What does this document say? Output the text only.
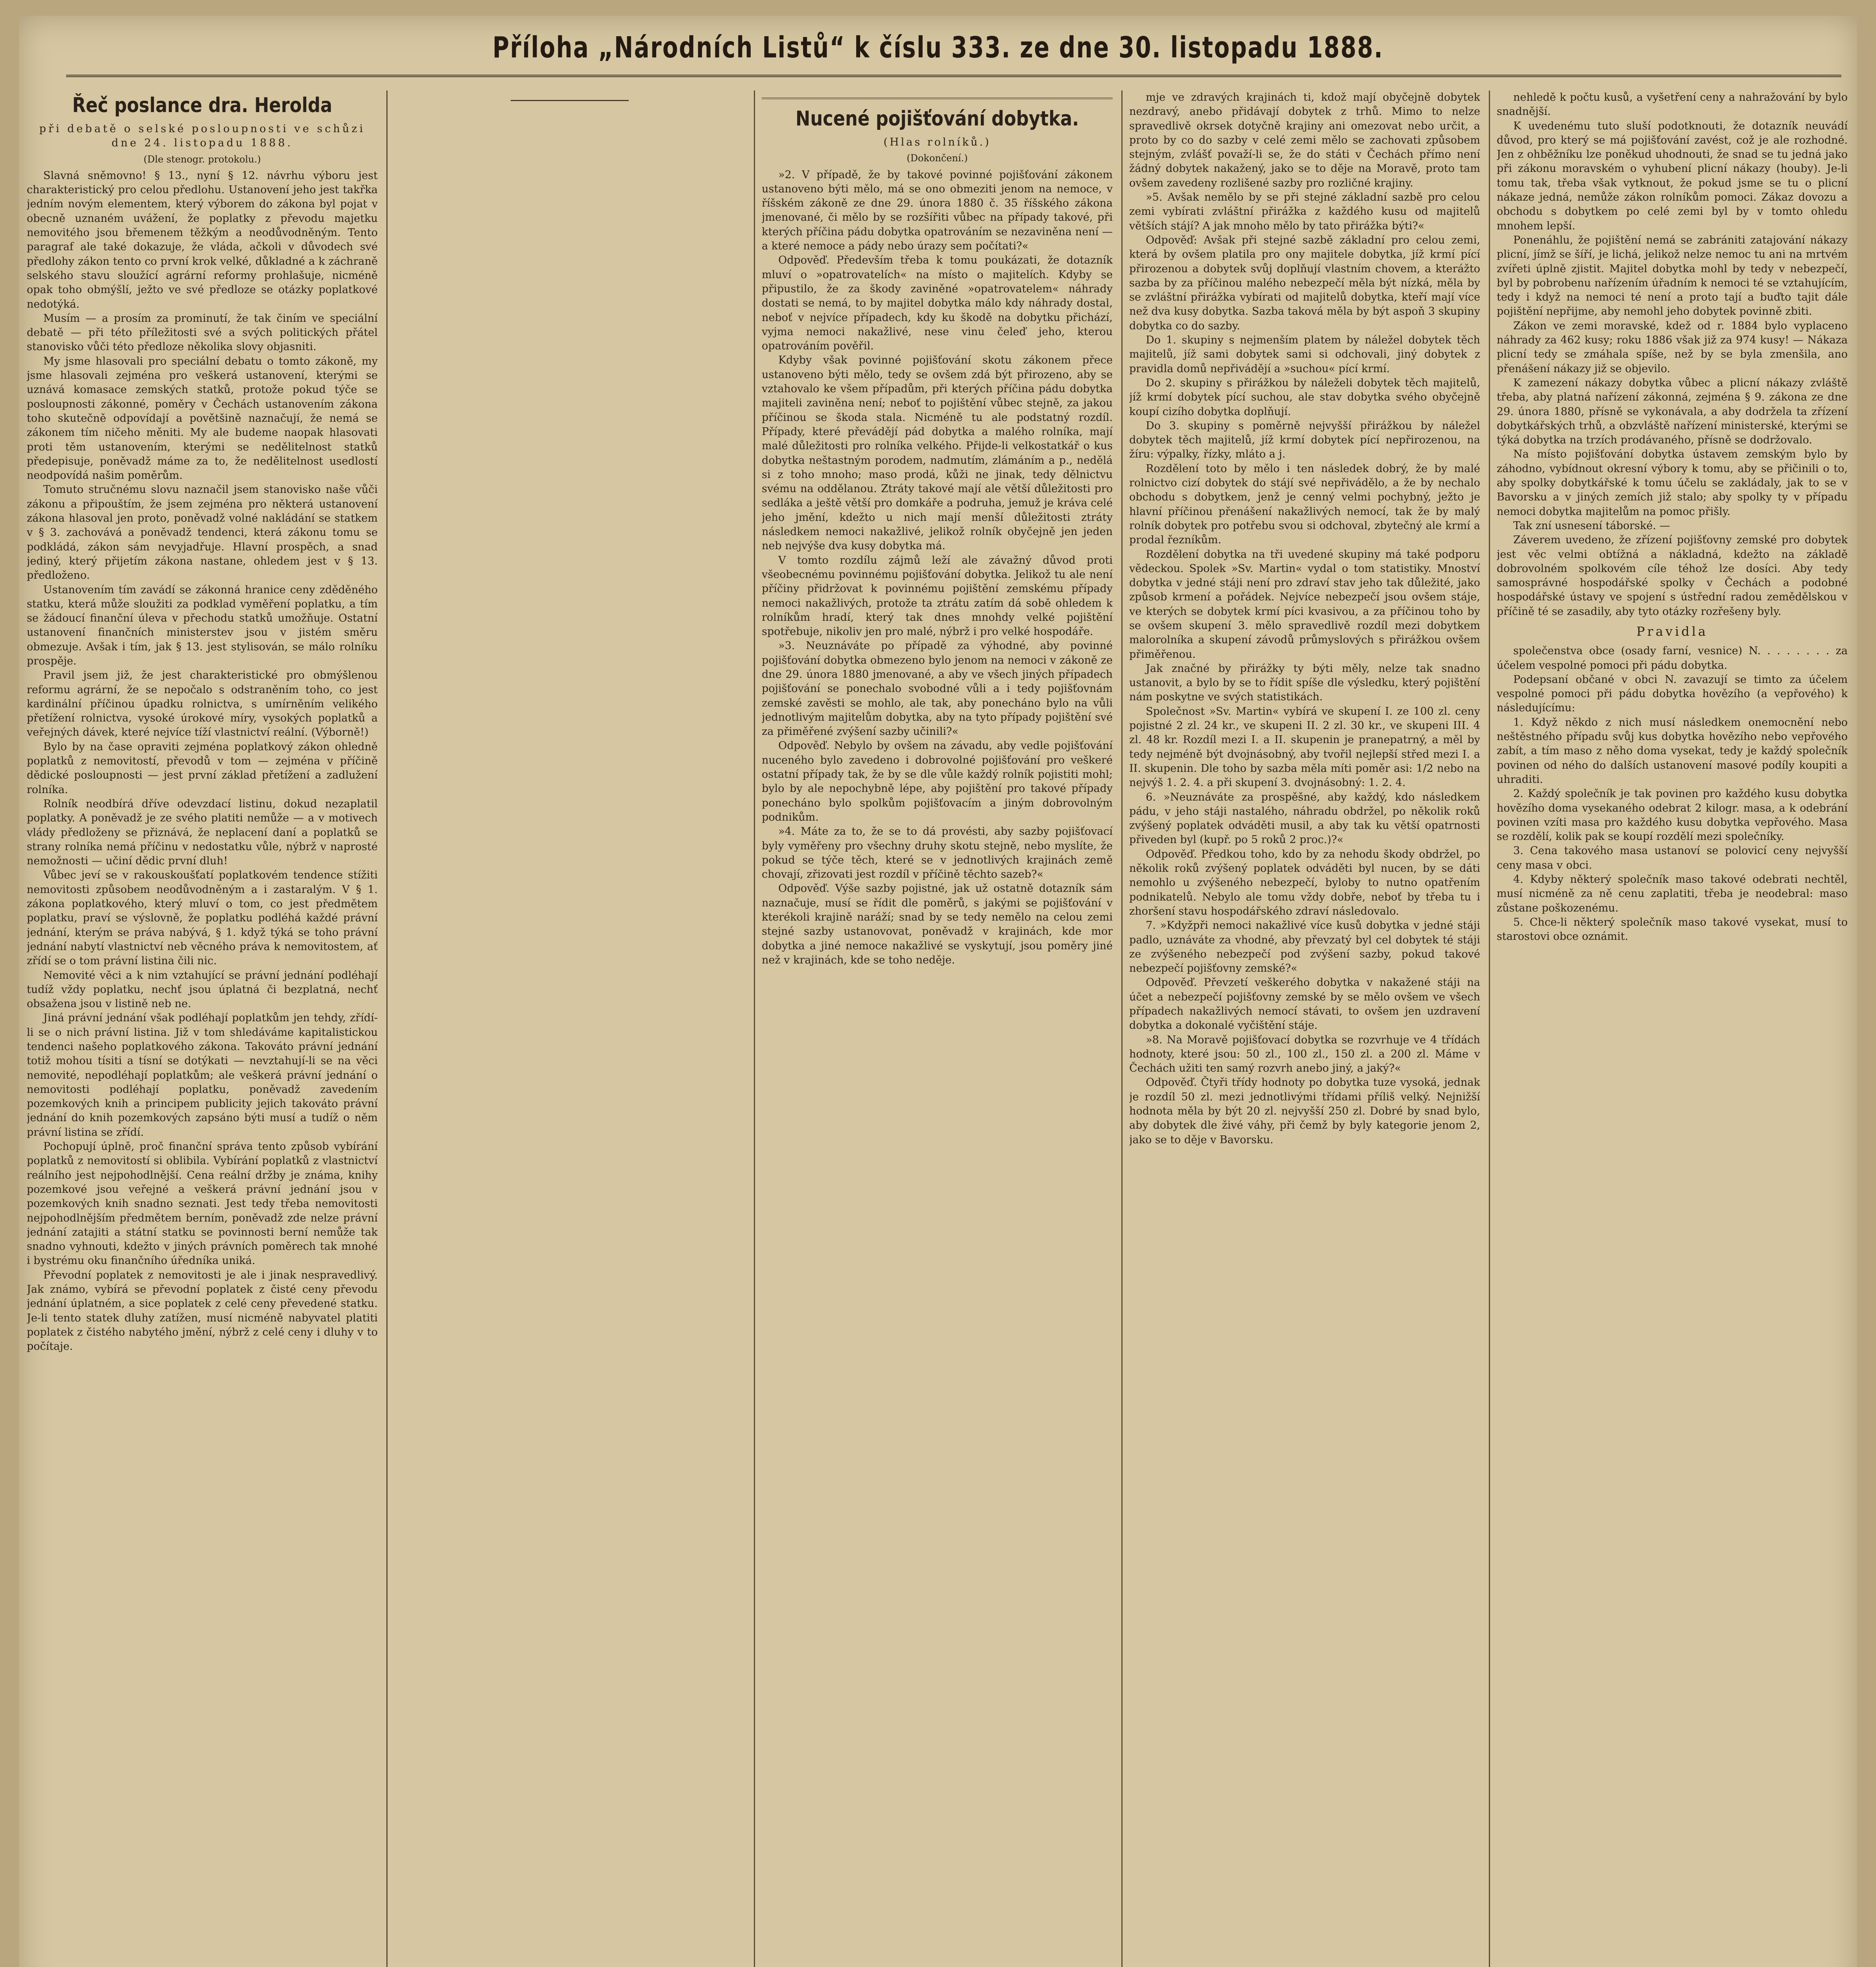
Příloha „Národních Listů“ k číslu 333. ze dne 30. listopadu 1888.
Řeč poslance dra. Herolda

při debatě o selské posloupnosti ve schůzi dne 24. listopadu 1888.

(Dle stenogr. protokolu.)

Slavná sněmovno! § 13., nyní § 12. návrhu výboru jest charakteristický pro celou předlohu. Ustanovení jeho jest takřka jedním novým elementem, který výborem do zákona byl pojat v obecně uznaném uvážení, že poplatky z převodu majetku nemovitého jsou břemenem těžkým a neodůvodněným. Tento paragraf ale také dokazuje, že vláda, ačkoli v důvodech své předlohy zákon tento co první krok velké, důkladné a k záchraně selského stavu sloužící agrární reformy prohlašuje, nicméně opak toho obmýšlí, ježto ve své předloze se otázky poplatkové nedotýká.

Musím — a prosím za prominutí, že tak činím ve speciální debatě — při této příležitosti své a svých politických přátel stanovisko vůči této předloze několika slovy objasniti.

My jsme hlasovali pro speciální debatu o tomto zákoně, my jsme hlasovali zejména pro veškerá ustanovení, kterými se uznává komasace zemských statků, protože pokud týče se posloupnosti zákonné, poměry v Čechách ustanovením zákona toho skutečně odpovídají a povětšině naznačují, že nemá se zákonem tím ničeho měniti. My ale budeme naopak hlasovati proti těm ustanovením, kterými se nedělitelnost statků předepisuje, poněvadž máme za to, že nedělitelnost usedlostí neodpovídá našim poměrům.

Tomuto stručnému slovu naznačil jsem stanovisko naše vůči zákonu a připouštím, že jsem zejména pro některá ustanovení zákona hlasoval jen proto, poněvadž volné nakládání se statkem v § 3. zachovává a poněvadž tendenci, která zákonu tomu se podkládá, zákon sám nevyjadřuje. Hlavní prospěch, a snad jediný, který přijetím zákona nastane, ohledem jest v § 13. předloženo.

Ustanovením tím zavádí se zákonná hranice ceny zděděného statku, která může sloužiti za podklad vyměření poplatku, a tím se žádoucí finanční úleva v přechodu statků umožňuje. Ostatní ustanovení finančních ministerstev jsou v jistém směru obmezuje. Avšak i tím, jak § 13. jest stylisován, se málo rolníku prospěje.

Pravil jsem již, že jest charakteristické pro obmýšlenou reformu agrární, že se nepočalo s odstraněním toho, co jest kardinální příčinou úpadku rolnictva, s umírněním velikého přetížení rolnictva, vysoké úrokové míry, vysokých poplatků a veřejných dávek, které nejvíce tíží vlastnictví reální. (Výborně!)

Bylo by na čase opraviti zejména poplatkový zákon ohledně poplatků z nemovitostí, převodů v tom — zejména v příčině dědické posloupnosti — jest první základ přetížení a zadlužení rolníka.

Rolník neodbírá dříve odevzdací listinu, dokud nezaplatil poplatky. A poněvadž je ze svého platiti nemůže — a v motivech vlády předloženy se přiznává, že neplacení daní a poplatků se strany rolníka nemá příčinu v nedostatku vůle, nýbrž v naprosté nemožnosti — učiní dědic první dluh!

Vůbec jeví se v rakouskoušťatí poplatkovém tendence stížiti nemovitosti způsobem neodůvodněným a i zastaralým. V § 1. zákona poplatkového, který mluví o tom, co jest předmětem poplatku, praví se výslovně, že poplatku podléhá každé právní jednání, kterým se práva nabývá, § 1. když týká se toho právní jednání nabytí vlastnictví neb věcného práva k nemovitostem, ať zřídí se o tom právní listina čili nic.

Nemovité věci a k nim vztahující se právní jednání podléhají tudíž vždy poplatku, nechť jsou úplatná či bezplatná, nechť obsažena jsou v listině neb ne.

Jiná právní jednání však podléhají poplatkům jen tehdy, zřídí-li se o nich právní listina. Již v tom shledáváme kapitalistickou tendenci našeho poplatkového zákona. Takováto právní jednání totiž mohou tísiti a tísní se dotýkati — nevztahují-li se na věci nemovité, nepodléhají poplatkům; ale veškerá právní jednání o nemovitosti podléhají poplatku, poněvadž zavedením pozemkových knih a principem publicity jejich takováto právní jednání do knih pozemkových zapsáno býti musí a tudíž o něm právní listina se zřídí.

Pochopují úplně, proč finanční správa tento způsob vybírání poplatků z nemovitostí si oblibila. Vybírání poplatků z vlastnictví reálního jest nejpohodlnější. Cena reální držby je známa, knihy pozemkové jsou veřejné a veškerá právní jednání jsou v pozemkových knih snadno seznati. Jest tedy třeba nemovitosti nejpohodlnějším předmětem berním, poněvadž zde nelze právní jednání zatajiti a státní statku se povinnosti berní nemůže tak snadno vyhnouti, kdežto v jiných právních poměrech tak mnohé i bystrému oku finančního úředníka uniká.

Převodní poplatek z nemovitosti je ale i jinak nespravedlivý. Jak známo, vybírá se převodní poplatek z čisté ceny převodu jednání úplatném, a sice poplatek z celé ceny převedené statku. Je-li tento statek dluhy zatížen, musí nicméně nabyvatel platiti poplatek z čistého nabytého jmění, nýbrž z celé ceny i dluhy v to počítaje.

Nucené pojišťování dobytka.

(Hlas rolníků.)

(Dokončení.)

»2. V případě, že by takové povinné pojišťování zákonem ustanoveno býti mělo, má se ono obmeziti jenom na nemoce, v říšském zákoně ze dne 29. února 1880 č. 35 říšského zákona jmenované, či mělo by se rozšířiti vůbec na případy takové, při kterých příčina pádu dobytka opatrováním se nezaviněna není — a které nemoce a pády nebo úrazy sem počítati?«

Odpověď. Především třeba k tomu poukázati, že dotazník mluví o »opatrovatelích« na místo o majitelích. Kdyby se připustilo, že za škody zaviněné »opatrovatelem« náhrady dostati se nemá, to by majitel dobytka málo kdy náhrady dostal, neboť v nejvíce případech, kdy ku škodě na dobytku přichází, vyjma nemoci nakažlivé, nese vinu čeleď jeho, kterou opatrováním pověřil.

Kdyby však povinné pojišťování skotu zákonem přece ustanoveno býti mělo, tedy se ovšem zdá být přirozeno, aby se vztahovalo ke všem případům, při kterých příčina pádu dobytka majiteli zaviněna není; neboť to pojištění vůbec stejně, za jakou příčinou se škoda stala. Nicméně tu ale podstatný rozdíl. Případy, které převádějí pád dobytka a malého rolníka, mají malé důležitosti pro rolníka velkého. Přijde-li velkostatkář o kus dobytka neštastným porodem, nadmutím, zlámáním a p., nedělá si z toho mnoho; maso prodá, kůži ne jinak, tedy dělnictvu svému na oddělanou. Ztráty takové mají ale větší důležitosti pro sedláka a ještě větší pro domkáře a podruha, jemuž je kráva celé jeho jmění, kdežto u nich mají menší důležitosti ztráty následkem nemoci nakažlivé, jelikož rolník obyčejně jen jeden neb nejvýše dva kusy dobytka má.

V tomto rozdílu zájmů leží ale závažný důvod proti všeobecnému povinnému pojišťování dobytka. Jelikož tu ale není příčiny přidržovat k povinnému pojištění zemskému případy nemoci nakažlivých, protože ta ztrátu zatím dá sobě ohledem k rolníkům hradí, který tak dnes mnohdy velké pojištění spotřebuje, nikoliv jen pro malé, nýbrž i pro velké hospodáře.

»3. Neuznáváte po případě za výhodné, aby povinné pojišťování dobytka obmezeno bylo jenom na nemoci v zákoně ze dne 29. února 1880 jmenované, a aby ve všech jiných případech pojišťování se ponechalo svobodné vůli a i tedy pojišťovnám zemské zavěsti se mohlo, ale tak, aby ponecháno bylo na vůli jednotlivým majitelům dobytka, aby na tyto případy pojištění své za přiměřené zvýšení sazby učinili?«

Odpověď. Nebylo by ovšem na závadu, aby vedle pojišťování nuceného bylo zavedeno i dobrovolné pojišťování pro veškeré ostatní případy tak, že by se dle vůle každý rolník pojistiti mohl; bylo by ale nepochybně lépe, aby pojištění pro takové případy ponecháno bylo spolkům pojišťovacím a jiným dobrovolným podnikům.

»4. Máte za to, že se to dá provésti, aby sazby pojišťovací byly vyměřeny pro všechny druhy skotu stejně, nebo myslíte, že pokud se týče těch, které se v jednotlivých krajinách země chovají, zřizovati jest rozdíl v příčině těchto sazeb?«

Odpověď. Výše sazby pojistné, jak už ostatně dotazník sám naznačuje, musí se řídit dle poměrů, s jakými se pojišťování v kterékoli krajině naráží; snad by se tedy nemělo na celou zemi stejné sazby ustanovovat, poněvadž v krajinách, kde mor dobytka a jiné nemoce nakažlivé se vyskytují, jsou poměry jiné než v krajinách, kde se toho neděje.

mje ve zdravých krajinách ti, kdož mají obyčejně dobytek nezdravý, anebo přidávají dobytek z trhů. Mimo to nelze spravedlivě okrsek dotyčně krajiny ani omezovat nebo určit, a proto by co do sazby v celé zemi mělo se zachovati způsobem stejným, zvlášť považí-li se, že do státi v Čechách přímo není žádný dobytek nakažený, jako se to děje na Moravě, proto tam ovšem zavedeny rozlišené sazby pro rozličné krajiny.

»5. Avšak nemělo by se při stejné základní sazbě pro celou zemi vybírati zvláštní přirážka z každého kusu od majitelů větších stájí? A jak mnoho mělo by tato přirážka býti?«

Odpověď: Avšak při stejné sazbě základní pro celou zemi, která by ovšem platila pro ony majitele dobytka, jíž krmí pící přirozenou a dobytek svůj doplňují vlastním chovem, a kterážto sazba by za příčinou malého nebezpečí měla být nízká, měla by se zvláštní přirážka vybírati od majitelů dobytka, kteří mají více než dva kusy dobytka. Sazba taková měla by být aspoň 3 skupiny dobytka co do sazby.

Do 1. skupiny s nejmenším platem by náležel dobytek těch majitelů, jíž sami dobytek sami si odchovali, jiný dobytek z pravidla domů nepřivádějí a »suchou« pící krmí.

Do 2. skupiny s přirážkou by náleželi dobytek těch majitelů, jíž krmí dobytek pící suchou, ale stav dobytka svého obyčejně koupí cizího dobytka doplňují.

Do 3. skupiny s poměrně nejvyšší přirážkou by náležel dobytek těch majitelů, jíž krmí dobytek pící nepřirozenou, na žíru: výpalky, řízky, mláto a j.

Rozdělení toto by mělo i ten následek dobrý, že by malé rolnictvo cizí dobytek do stájí své nepřivádělo, a že by nechalo obchodu s dobytkem, jenž je cenný velmi pochybný, ježto je hlavní příčinou přenášení nakažlivých nemocí, tak že by malý rolník dobytek pro potřebu svou si odchoval, zbytečný ale krmí a prodal řezníkům.

Rozdělení dobytka na tři uvedené skupiny má také podporu vědeckou. Spolek »Sv. Martin« vydal o tom statistiky. Mnoství dobytka v jedné stáji není pro zdraví stav jeho tak důležité, jako způsob krmení a pořádek. Nejvíce nebezpečí jsou ovšem stáje, ve kterých se dobytek krmí píci kvasivou, a za příčinou toho by se ovšem skupení 3. mělo spravedlivě rozdíl mezi dobytkem malorolníka a skupení závodů průmyslových s přirážkou ovšem přiměřenou.

Jak značné by přirážky ty býti měly, nelze tak snadno ustanovit, a bylo by se to řídit spíše dle výsledku, který pojištění nám poskytne ve svých statistikách.

Společnost »Sv. Martin« vybírá ve skupení I. ze 100 zl. ceny pojistné 2 zl. 24 kr., ve skupeni II. 2 zl. 30 kr., ve skupeni III. 4 zl. 48 kr. Rozdíl mezi I. a II. skupenin je pranepatrný, a měl by tedy nejméně být dvojnásobný, aby tvořil nejlepší střed mezi I. a II. skupenin. Dle toho by sazba měla míti poměr asi: 1/2 nebo na nejvýš 1. 2. 4. a při skupení 3. dvojnásobný: 1. 2. 4.

6. »Neuznáváte za prospěšné, aby každý, kdo následkem pádu, v jeho stáji nastalého, náhradu obdržel, po několik roků zvýšený poplatek odváděti musil, a aby tak ku větší opatrnosti přiveden byl (kupř. po 5 roků 2 proc.)?«

Odpověď. Předkou toho, kdo by za nehodu škody obdržel, po několik roků zvýšený poplatek odváděti byl nucen, by se dáti nemohlo u zvýšeného nebezpečí, byloby to nutno opatřením podnikatelů. Nebylo ale tomu vždy dobře, neboť by třeba tu i zhoršení stavu hospodářského zdraví následovalo.

7. »Kdyžpři nemoci nakažlivé více kusů dobytka v jedné stáji padlo, uznáváte za vhodné, aby převzatý byl cel dobytek té stáji ze zvýšeného nebezpečí pod zvýšení sazby, pokud takové nebezpečí pojišťovny zemské?«

Odpověď. Převzetí veškerého dobytka v nakažené stáji na účet a nebezpečí pojišťovny zemské by se mělo ovšem ve všech případech nakažlivých nemocí stávati, to ovšem jen uzdravení dobytka a dokonalé vyčištění stáje.

»8. Na Moravě pojišťovací dobytka se rozvrhuje ve 4 třídách hodnoty, které jsou: 50 zl., 100 zl., 150 zl. a 200 zl. Máme v Čechách užiti ten samý rozvrh anebo jiný, a jaký?«

Odpověď. Čtyři třídy hodnoty po dobytka tuze vysoká, jednak je rozdíl 50 zl. mezi jednotlivými třídami příliš velký. Nejnižší hodnota měla by být 20 zl. nejvyšší 250 zl. Dobré by snad bylo, aby dobytek dle živé váhy, při čemž by byly kategorie jenom 2, jako se to děje v Bavorsku.

nehledě k počtu kusů, a vyšetření ceny a nahražování by bylo snadnější.

K uvedenému tuto sluší podotknouti, že dotazník neuvádí důvod, pro který se má pojišťování zavést, což je ale rozhodné. Jen z ohběžníku lze poněkud uhodnouti, že snad se tu jedná jako při zákonu moravském o vyhubení plicní nákazy (houby). Je-li tomu tak, třeba však vytknout, že pokud jsme se tu o plicní nákaze jedná, nemůže zákon rolníkům pomoci. Zákaz dovozu a obchodu s dobytkem po celé zemi byl by v tomto ohledu mnohem lepší.

Ponenáhlu, že pojištění nemá se zabrániti zatajování nákazy plicní, jímž se šíří, je lichá, jelikož nelze nemoc tu ani na mrtvém zvířeti úplně zjistit. Majitel dobytka mohl by tedy v nebezpečí, byl by pobrobenu nařízením úřadním k nemoci té se vztahujícím, tedy i když na nemoci té není a proto tají a buďto tajit dále pojištění nepřijme, aby nemohl jeho dobytek povinně zbiti.

Zákon ve zemi moravské, kdež od r. 1884 bylo vyplaceno náhrady za 462 kusy; roku 1886 však již za 974 kusy! — Nákaza plicní tedy se zmáhala spíše, než by se byla zmenšila, ano přenášení nákazy již se objevilo.

K zamezení nákazy dobytka vůbec a plicní nákazy zvláště třeba, aby platná nařízení zákonná, zejména § 9. zákona ze dne 29. února 1880, přísně se vykonávala, a aby dodržela ta zřízení dobytkářských trhů, a obzvláště nařízení ministerské, kterými se týká dobytka na trzích prodávaného, přísně se dodržovalo.

Na místo pojišťování dobytka ústavem zemským bylo by záhodno, vybídnout okresní výbory k tomu, aby se přičinili o to, aby spolky dobytkářské k tomu účelu se zakládaly, jak to se v Bavorsku a v jiných zemích již stalo; aby spolky ty v případu nemoci dobytka majitelům na pomoc přišly.

Tak zní usnesení táborské. —

Záverem uvedeno, že zřízení pojišťovny zemské pro dobytek jest věc velmi obtížná a nákladná, kdežto na základě dobrovolném spolkovém cíle téhož lze dosíci. Aby tedy samosprávné hospodářské spolky v Čechách a podobné hospodářské ústavy ve spojení s ústřední radou zemědělskou v příčině té se zasadily, aby tyto otázky rozřešeny byly.

Pravidla

společenstva obce (osady farní, vesnice) N. . . . . . . . za účelem vespolné pomoci při pádu dobytka.

Podepsaní občané v obci N. zavazují se timto za účelem vespolné pomoci při pádu dobytka hovězího (a vepřového) k následujícímu:

1. Když někdo z nich musí následkem onemocnění nebo neštěstného případu svůj kus dobytka hovězího nebo vepřového zabít, a tím maso z něho doma vysekat, tedy je každý společník povinen od ného do dalších ustanovení masové podíly koupiti a uhraditi.

2. Každý společník je tak povinen pro každého kusu dobytka hovězího doma vysekaného odebrat 2 kilogr. masa, a k odebrání povinen vzíti masa pro každého kusu dobytka vepřového. Masa se rozdělí, kolik pak se koupí rozdělí mezi společníky.

3. Cena takového masa ustanoví se polovicí ceny nejvyšší ceny masa v obci.

4. Kdyby některý společník maso takové odebrati nechtěl, musí nicméně za ně cenu zaplatiti, třeba je neodebral: maso zůstane poškozenému.

5. Chce-li některý společník maso takové vysekat, musí to starostovi obce oznámit.
